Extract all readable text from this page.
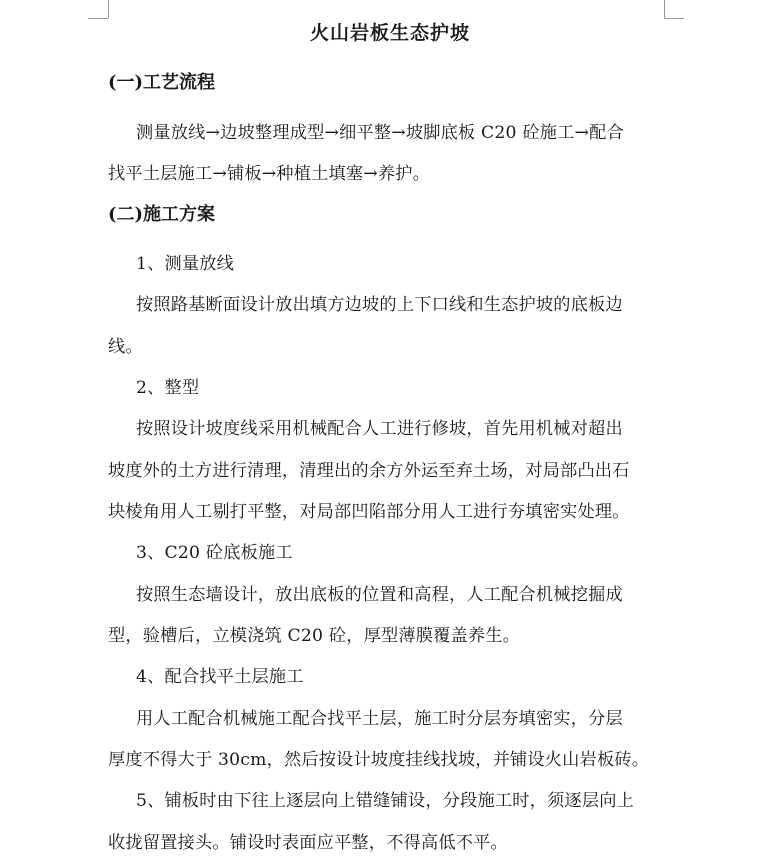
火山岩板生态护坡
(一)工艺流程
测量放线→边坡整理成型→细平整→坡脚底板 C20 砼施工→配合
找平土层施工→铺板→种植土填塞→养护。
(二)施工方案
1、测量放线
按照路基断面设计放出填方边坡的上下口线和生态护坡的底板边
线。
2、整型
按照设计坡度线采用机械配合人工进行修坡，首先用机械对超出
坡度外的土方进行清理，清理出的余方外运至弃土场，对局部凸出石
块棱角用人工剔打平整，对局部凹陷部分用人工进行夯填密实处理。
3、C20 砼底板施工
按照生态墙设计，放出底板的位置和高程，人工配合机械挖掘成
型，验槽后，立模浇筑 C20 砼，厚型薄膜覆盖养生。
4、配合找平土层施工
用人工配合机械施工配合找平土层，施工时分层夯填密实，分层
厚度不得大于 30cm，然后按设计坡度挂线找坡，并铺设火山岩板砖。
5、铺板时由下往上逐层向上错缝铺设，分段施工时，须逐层向上
收拢留置接头。铺设时表面应平整，不得高低不平。
